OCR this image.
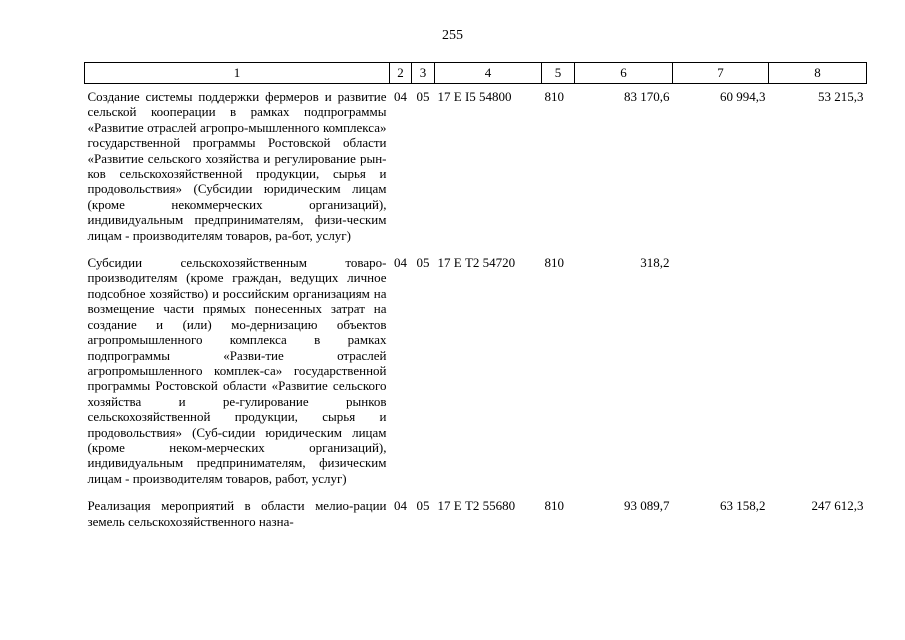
255
1	2	3	4	5	6	7	8
Создание системы поддержки фермеров и развитие сельской кооперации в рамках подпрограммы «Развитие отраслей агропро-мышленного комплекса» государственной программы Ростовской области «Развитие сельского хозяйства и регулирование рын-ков сельскохозяйственной продукции, сырья и продовольствия» (Субсидии юридическим лицам (кроме некоммерческих организаций), индивидуальным предпринимателям, физи-ческим лицам - производителям товаров, ра-бот, услуг)	04	05	17 Е I5 54800	810	83 170,6	60 994,3	53 215,3
Субсидии сельскохозяйственным товаро-производителям (кроме граждан, ведущих личное подсобное хозяйство) и российским организациям на возмещение части прямых понесенных затрат на создание и (или) мо-дернизацию объектов агропромышленного комплекса в рамках подпрограммы «Разви-тие отраслей агропромышленного комплек-са» государственной программы Ростовской области «Развитие сельского хозяйства и ре-гулирование рынков сельскохозяйственной продукции, сырья и продовольствия» (Суб-сидии юридическим лицам (кроме неком-мерческих организаций), индивидуальным предпринимателям, физическим лицам - производителям товаров, работ, услуг)	04	05	17 Е Т2 54720	810	318,2		
Реализация мероприятий в области мелио-рации земель сельскохозяйственного назна-	04	05	17 Е Т2 55680	810	93 089,7	63 158,2	247 612,3
